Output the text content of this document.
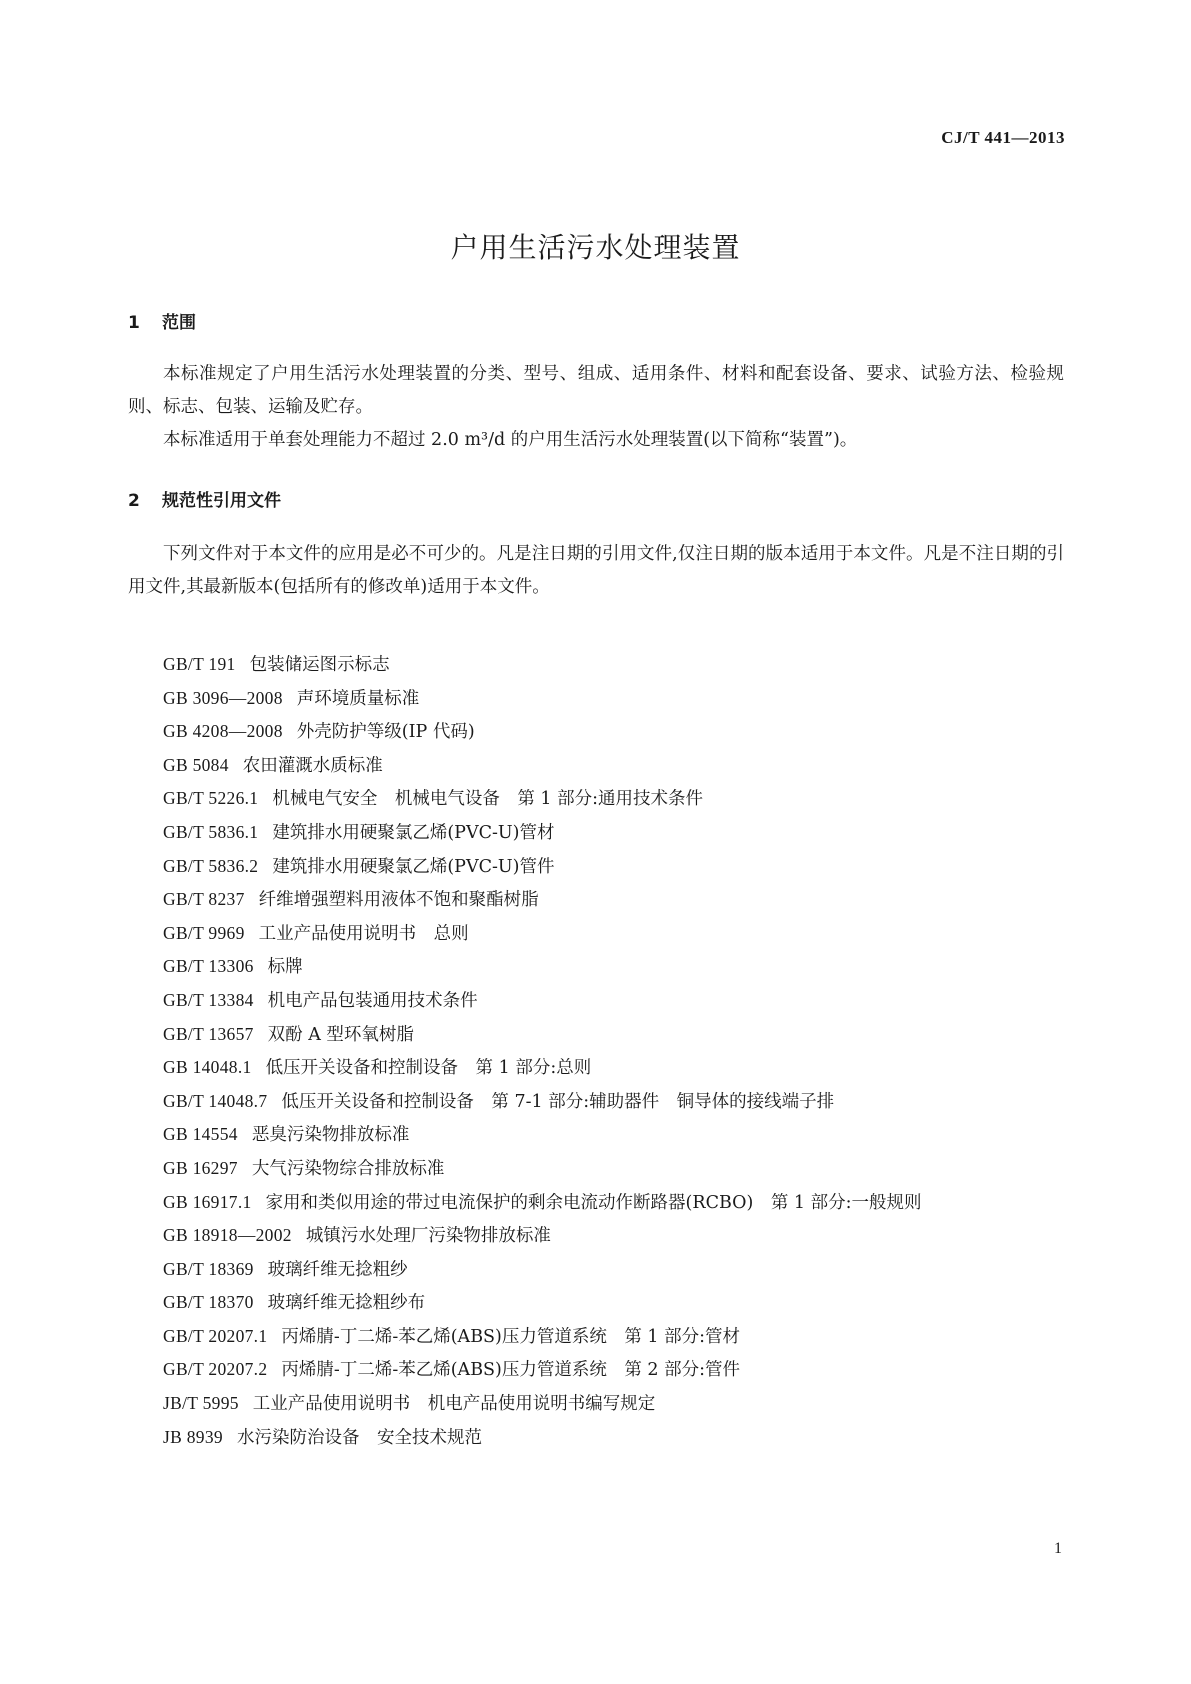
CJ/T 441—2013
户用生活污水处理装置
1 范围

本标准规定了户用生活污水处理装置的分类、型号、组成、适用条件、材料和配套设备、要求、试验方法、检验规则、标志、包装、运输及贮存。

本标准适用于单套处理能力不超过 2.0 m³/d 的户用生活污水处理装置(以下简称“装置”)。

2 规范性引用文件

下列文件对于本文件的应用是必不可少的。凡是注日期的引用文件,仅注日期的版本适用于本文件。凡是不注日期的引用文件,其最新版本(包括所有的修改单)适用于本文件。

GB/T 191 包装储运图示标志
GB 3096—2008 声环境质量标准
GB 4208—2008 外壳防护等级(IP 代码)
GB 5084 农田灌溉水质标准
GB/T 5226.1 机械电气安全　机械电气设备　第 1 部分:通用技术条件
GB/T 5836.1 建筑排水用硬聚氯乙烯(PVC-U)管材
GB/T 5836.2 建筑排水用硬聚氯乙烯(PVC-U)管件
GB/T 8237 纤维增强塑料用液体不饱和聚酯树脂
GB/T 9969 工业产品使用说明书　总则
GB/T 13306 标牌
GB/T 13384 机电产品包装通用技术条件
GB/T 13657 双酚 A 型环氧树脂
GB 14048.1 低压开关设备和控制设备　第 1 部分:总则
GB/T 14048.7 低压开关设备和控制设备　第 7-1 部分:辅助器件　铜导体的接线端子排
GB 14554 恶臭污染物排放标准
GB 16297 大气污染物综合排放标准
GB 16917.1 家用和类似用途的带过电流保护的剩余电流动作断路器(RCBO)　第 1 部分:一般规则
GB 18918—2002 城镇污水处理厂污染物排放标准
GB/T 18369 玻璃纤维无捻粗纱
GB/T 18370 玻璃纤维无捻粗纱布
GB/T 20207.1 丙烯腈-丁二烯-苯乙烯(ABS)压力管道系统　第 1 部分:管材
GB/T 20207.2 丙烯腈-丁二烯-苯乙烯(ABS)压力管道系统　第 2 部分:管件
JB/T 5995 工业产品使用说明书　机电产品使用说明书编写规定
JB 8939 水污染防治设备　安全技术规范
1
